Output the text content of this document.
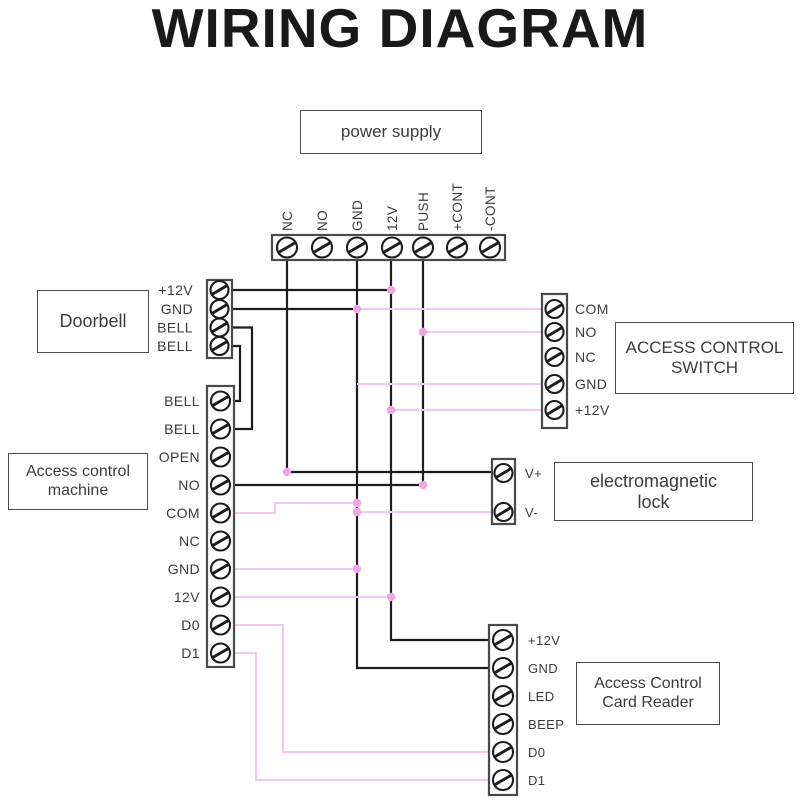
WIRING DIAGRAM
NC NO GND 12V PUSH +CONT -CONT
+12V
GND
BELL
BELL
BELL
BELL
OPEN
NO
COM
NC
GND
12V
D0
D1
COM
NO
NC
GND
+12V
V+
V-
+12V
GND
LED
BEEP
D0
D1
power supply
Doorbell
Access control
machine
ACCESS CONTROL
SWITCH
electromagnetic
lock
Access Control
Card Reader
